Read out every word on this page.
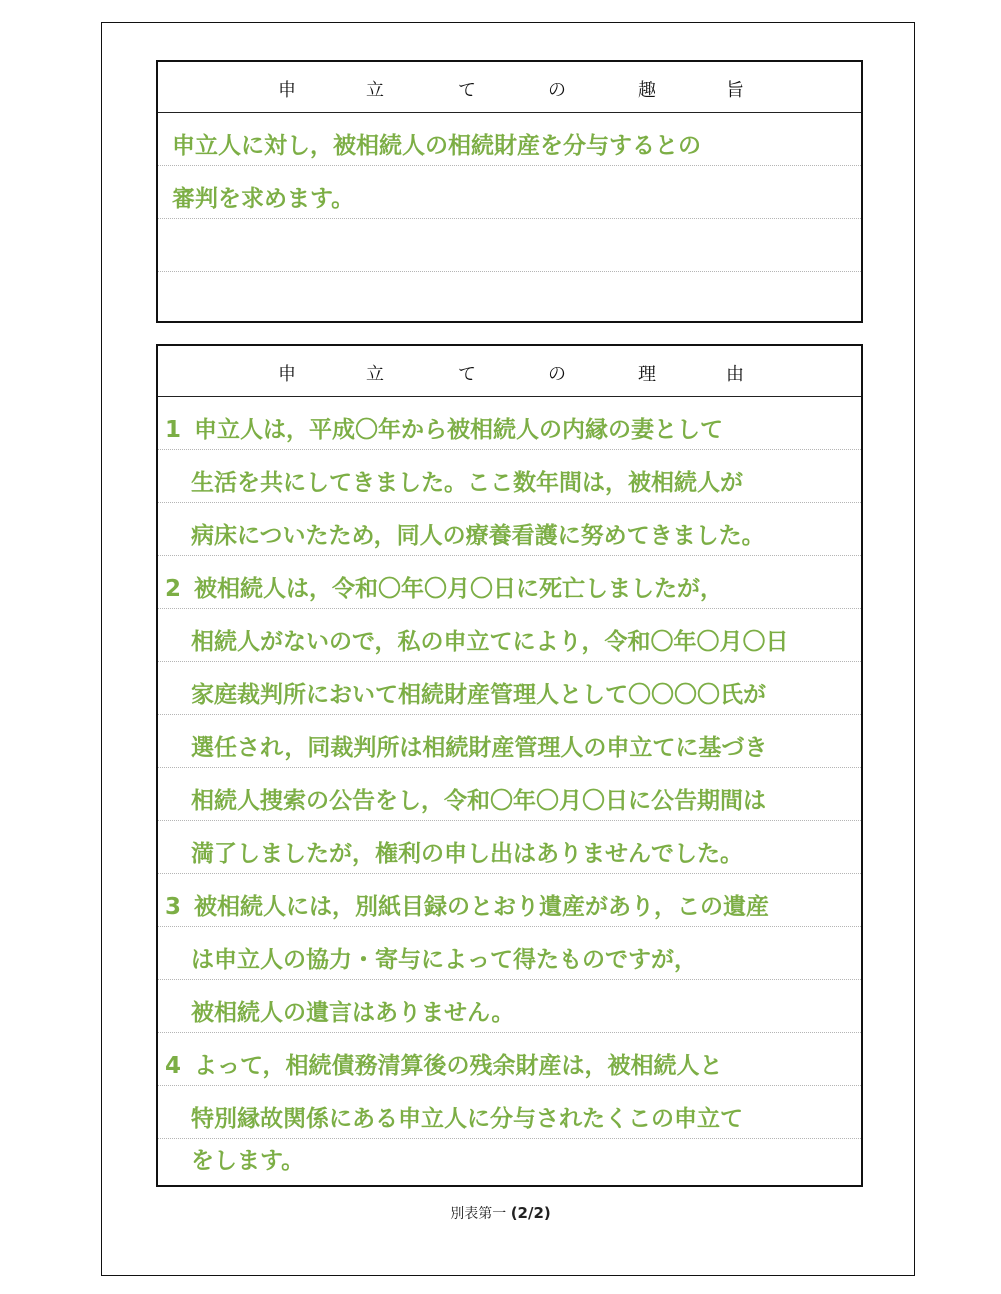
申	立	て	の	趣	旨
申立人に対し，被相続人の相続財産を分与するとの
審判を求めます。
申	立	て	の	理	由
1 申立人は，平成〇年から被相続人の内縁の妻として
生活を共にしてきました。ここ数年間は，被相続人が
病床についたため，同人の療養看護に努めてきました。
2 被相続人は，令和〇年〇月〇日に死亡しましたが，
相続人がないので，私の申立てにより，令和〇年〇月〇日
家庭裁判所において相続財産管理人として〇〇〇〇氏が
選任され，同裁判所は相続財産管理人の申立てに基づき
相続人捜索の公告をし，令和〇年〇月〇日に公告期間は
満了しましたが，権利の申し出はありませんでした。
3 被相続人には，別紙目録のとおり遺産があり，この遺産
は申立人の協力・寄与によって得たものですが，
被相続人の遺言はありません。
4 よって，相続債務清算後の残余財産は，被相続人と
特別縁故関係にある申立人に分与されたくこの申立て
をします。
別表第一 (2/2)
